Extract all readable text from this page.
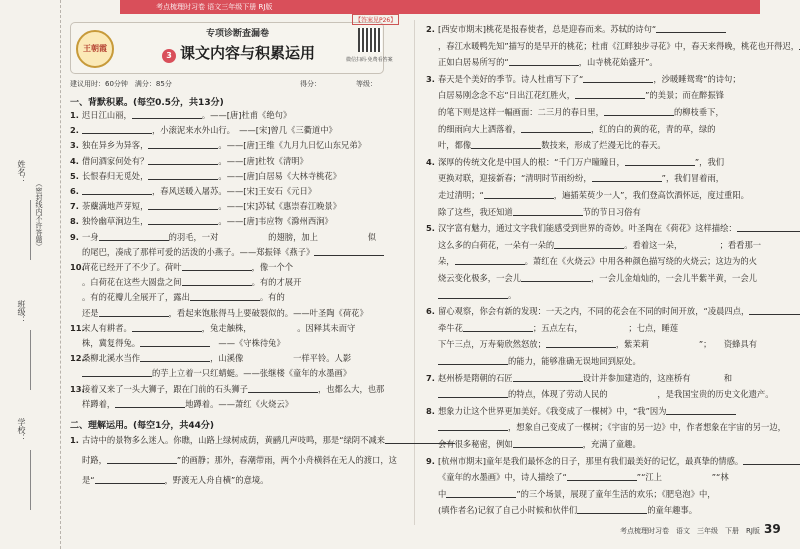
考点梳理时习卷 语文三年级下册 RJ版
姓名：
（密封线内不许答题）
班级：
学校：
王朝霞
【答案见P26】
专项诊断查漏卷
3 课文内容与积累运用	微信扫码·免费看答案
建议用时：60分钟　满分：85分	得分：	等级：
一、背默积累。(每空0.5分，共13分)
二、理解运用。(每空1分，共44分)
1. 迟日江山丽，	。——[唐]杜甫《绝句》
2.	，小滚泥来水外山行。　——[宋]曾几《三衢道中》
3. 独在异乡为异客，	。——[唐]王维《九月九日忆山东兄弟》
4. 借问酒家何处有？	。——[唐]杜牧《清明》
5. 长恨春归无觅处，	。——[唐]白居易《大林寺桃花》
6.	，春风送暖入屠苏。——[宋]王安石《元日》
7. 荼蘪满地芦芽短，	。——[宋]苏轼《惠崇春江晚景》
8. 独怜幽草涧边生，	。——[唐]韦应物《滁州西涧》
9. 一身	的羽毛，一对　　　　　　的翅膀，加上　　　　　　似
的尾巴，凑成了那样可爱的活泼的小燕子。——郑振铎《燕子》
10.荷花已经开了不少了。荷叶	，像一个个
。白荷花在这些大圆盘之间	。有的才展开
。有的花瓣儿全展开了，露出	。有的
还是	，看起来饱胀得马上要破裂似的。——叶圣陶《荷花》
11.宋人有耕者。	，兔走触株，　　　　　　。因释其未而守
株，冀复得兔。	　——《守株待兔》
12.桑柳北溪水当作	，山溪像　　　　　　一样平铃。人影
的芋上立着一只红蜻蜓。——张继楼《童年的水墨画》
13.接着又来了一头大狮子，跟在门前的石头狮子	，也都么大，也那
样蹲着，	地蹲着。——萧红《火烧云》
1. 古诗中的景物多么迷人。你瞧，山路上绿树成荫，黄鹂几声吱鸣，那是“绿阴不减来
时路，	”的画静；那外，春潮带雨，两个小舟横斜在无人的渡口，这
是“	，野渡无人舟自横”的意境。
2. [西安市期末]桃花是报春使者，总是迎春而来。苏轼的诗句“
，春江水暖鸭先知”描写的是早开的桃花；杜甫《江畔独步寻花》中，春天来得晚，桃花也开得迟，
正如白居易所写的“	，山寺桃花始盛开”。
3. 春天是个美好的季节。诗人杜甫写下了“	，沙暖睡鸳鸯”的诗句；
白居易刚念念不忘“日出江花红胜火，	”的美景；而在醉振锋
的笔下则是这样一幅画面：二三月的春日里，	的柳枝垂下，
的细雨向大上洒落着，	，红的白的黄的花，青的草，绿的
叶，都像	数技来，形成了烂漫无比的春天。
4. 深厚的传统文化是中国人的根：“千门万户瞳瞳日，	”，我们
更换对联，迎接新春；“清明时节雨纷纷，	”，我们冒着雨，
走过清明；“	，遍插茱萸少一人”，我们登高饮酒怀远，度过重阳。
除了这些，我还知道	节的节日习俗有
5. 汉字富有魅力，通过文字我们能感受到世界的奇妙。叶圣陶在《荷花》这样描绘：
这么多的白荷花，一朵有一朵的	。看着这一朵，　　　　　；看看那一
朵，	。萧红在《火烧云》中用各种颜色描写绕的火烧云；这边为的火
烧云变化极多，一会儿	，一会儿金灿灿的，一会儿半紫半黄，一会儿
。
6. 留心观察，你会有新的发现：一天之内，不同的花会在不同的时间开放，“凌晨四点，
牵牛花	；五点左右，　　　　　　；七点，睡莲
下午三点，万寿菊欣然怒放；	，紫茉莉　　　　　　”；　　资蜂具有
的能力，能够准确无误地回到原处。
7. 赵州桥是隋朝的石匠	设计并参加建造的，这座桥有　　　　和
的特点，体现了劳动人民的　　　　　　，是我国宝贵的历史文化遗产。
8. 想象力让这个世界更加美好。《我变成了一棵树》中，“我”因为
，想象自己变成了一棵树；《宇宙的另一边》中，作者想象在宇宙的另一边，
会有很多秘密，例如	，充满了童趣。
9. [杭州市期末]童年是我们最怀念的日子，那里有我们最美好的记忆，最真挚的情感。
《童年的水墨画》中，诗人描绘了“	”“江上　　　　　　”“林
中	”的三个场景，展现了童年生活的欢乐；《肥皂泡》中，
(填作者名)记叙了自己小时候和伙伴们	的童年趣事。
考点梳理时习卷　语文　三年级　下册　RJ版 39
